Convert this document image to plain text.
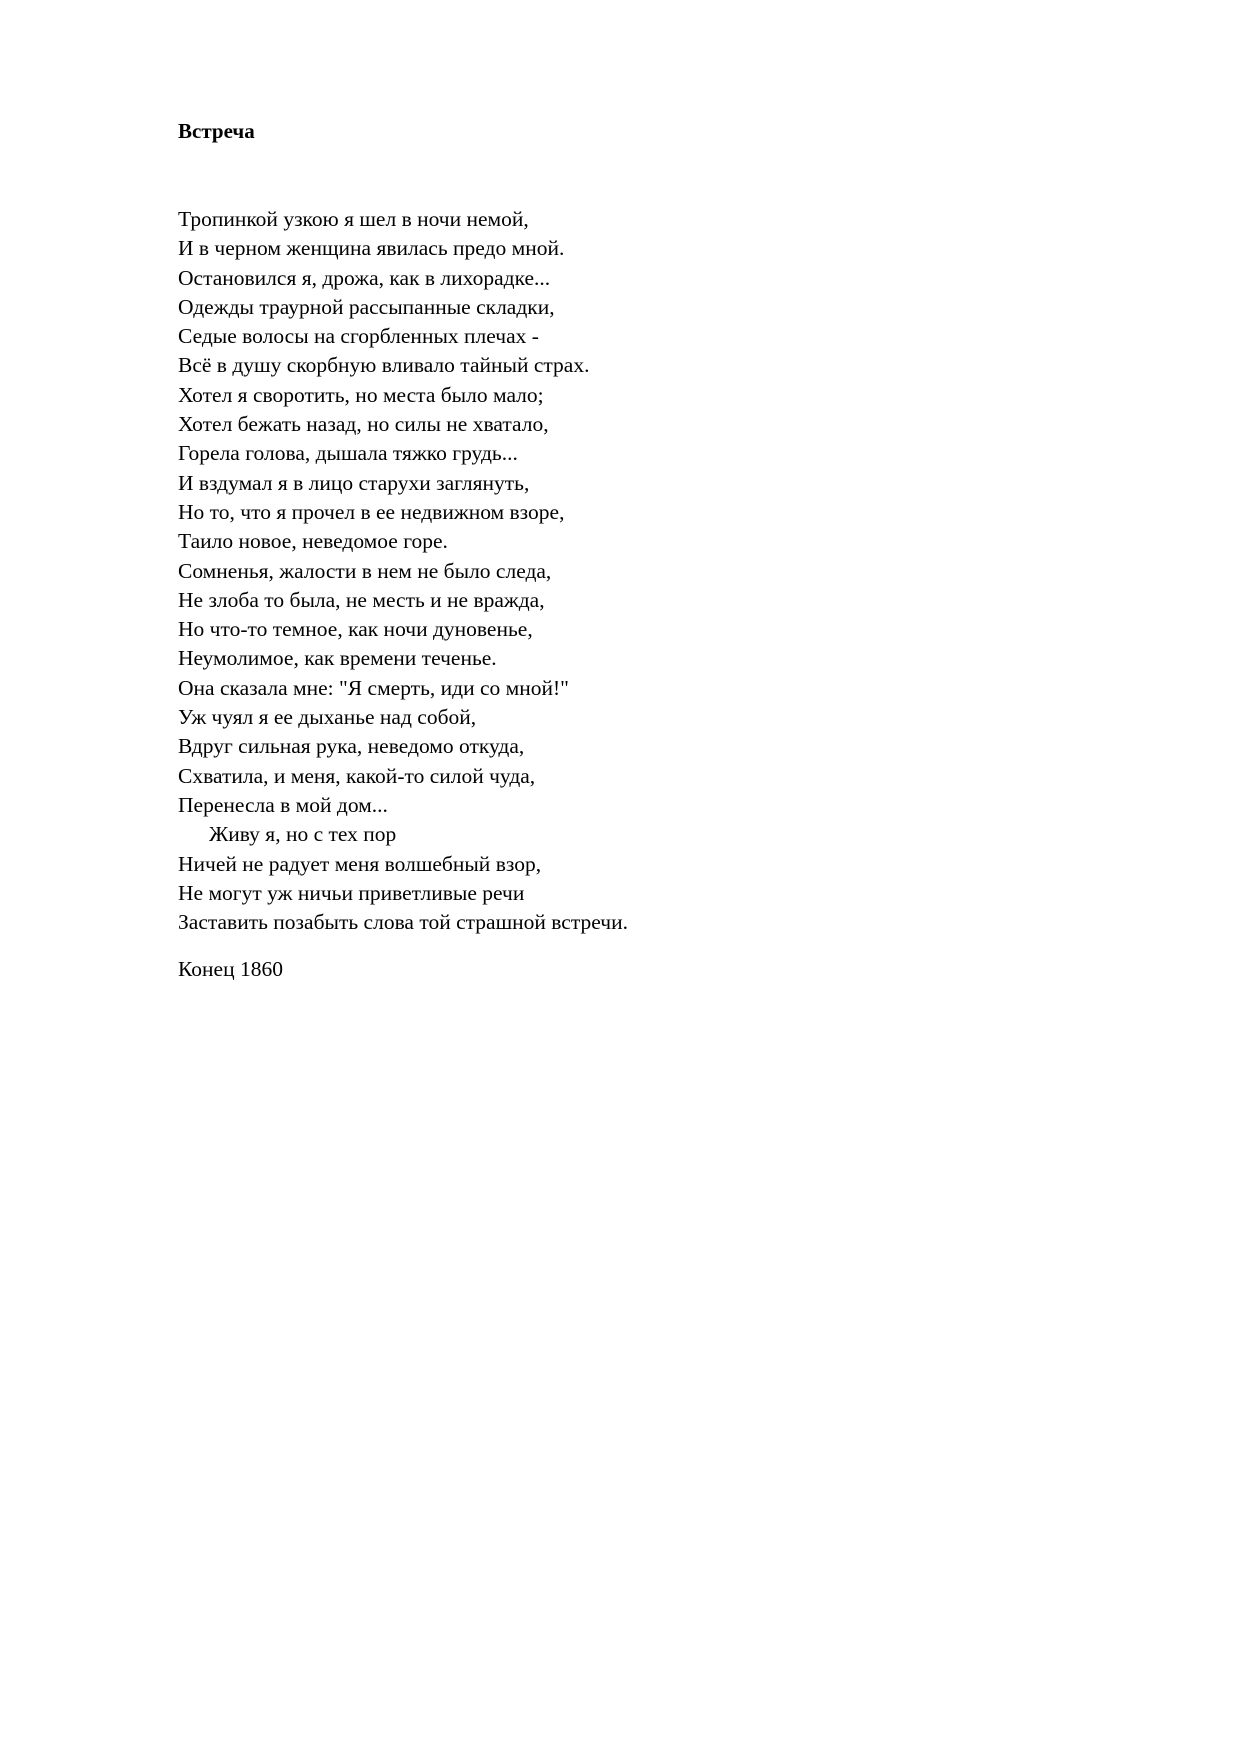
Встреча
Тропинкой узкою я шел в ночи немой,
И в черном женщина явилась предо мной.
Остановился я, дрожа, как в лихорадке...
Одежды траурной рассыпанные складки,
Седые волосы на сгорбленных плечах -
Всё в душу скорбную вливало тайный страх.
Хотел я своротить, но места было мало;
Хотел бежать назад, но силы не хватало,
Горела голова, дышала тяжко грудь...
И вздумал я в лицо старухи заглянуть,
Но то, что я прочел в ее недвижном взоре,
Таило новое, неведомое горе.
Сомненья, жалости в нем не было следа,
Не злоба то была, не месть и не вражда,
Но что-то темное, как ночи дуновенье,
Неумолимое, как времени теченье.
Она сказала мне: "Я смерть, иди со мной!"
Уж чуял я ее дыханье над собой,
Вдруг сильная рука, неведомо откуда,
Схватила, и меня, какой-то силой чуда,
Перенесла в мой дом...
Живу я, но с тех пор
Ничей не радует меня волшебный взор,
Не могут уж ничьи приветливые речи
Заставить позабыть слова той страшной встречи.
Конец 1860
